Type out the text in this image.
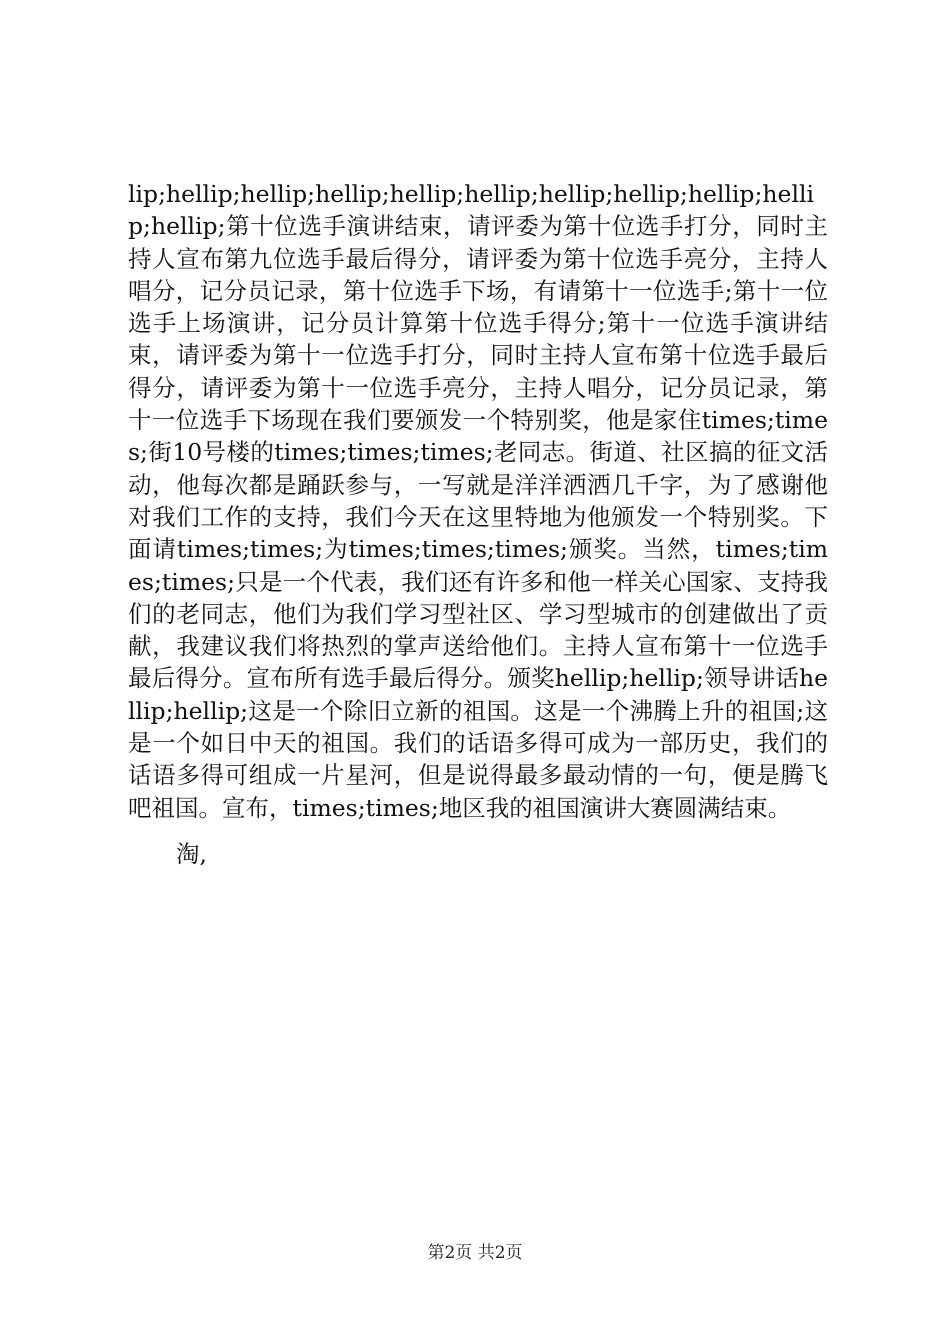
lip;hellip;hellip;hellip;hellip;hellip;hellip;hellip;hellip;hellip;hellip;第十位选手演讲结束，请评委为第十位选手打分，同时主持人宣布第九位选手最后得分，请评委为第十位选手亮分，主持人唱分，记分员记录，第十位选手下场，有请第十一位选手;第十一位选手上场演讲，记分员计算第十位选手得分;第十一位选手演讲结束，请评委为第十一位选手打分，同时主持人宣布第十位选手最后得分，请评委为第十一位选手亮分，主持人唱分，记分员记录，第十一位选手下场现在我们要颁发一个特别奖，他是家住times;times;街10号楼的times;times;times;老同志。街道、社区搞的征文活动，他每次都是踊跃参与，一写就是洋洋洒洒几千字，为了感谢他对我们工作的支持，我们今天在这里特地为他颁发一个特别奖。下面请times;times;为times;times;times;颁奖。当然，times;times;times;只是一个代表，我们还有许多和他一样关心国家、支持我们的老同志，他们为我们学习型社区、学习型城市的创建做出了贡献，我建议我们将热烈的掌声送给他们。主持人宣布第十一位选手最后得分。宣布所有选手最后得分。颁奖hellip;hellip;领导讲话hellip;hellip;这是一个除旧立新的祖国。这是一个沸腾上升的祖国;这是一个如日中天的祖国。我们的话语多得可成为一部历史，我们的话语多得可组成一片星河，但是说得最多最动情的一句，便是腾飞吧祖国。宣布，times;times;地区我的祖国演讲大赛圆满结束。
淘,
第2页 共2页
